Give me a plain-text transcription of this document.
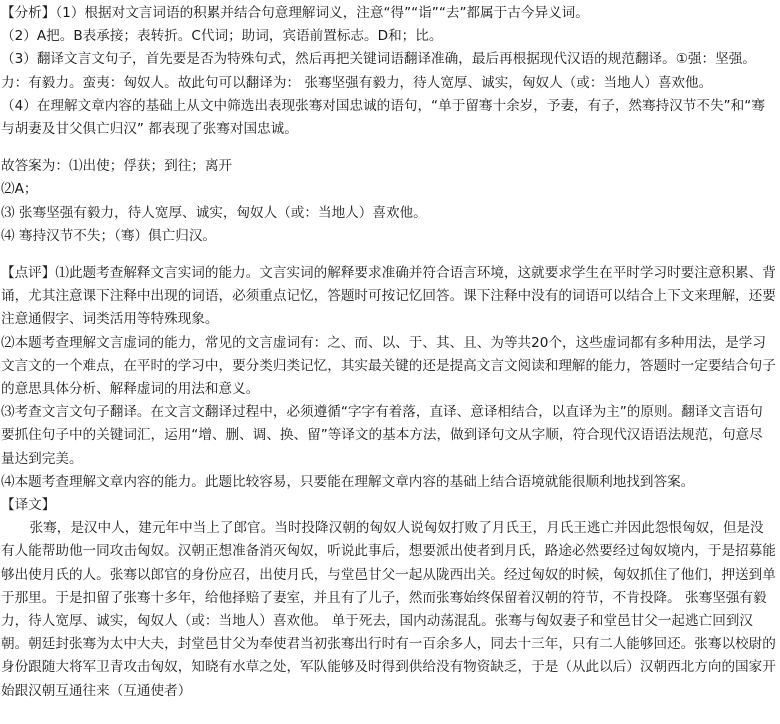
【分析】（1）根据对文言词语的积累并结合句意理解词义，注意“得”“诣”“去”都属于古今异义词。

（2）A把。B表承接；表转折。C代词；助词，宾语前置标志。D和；比。

（3）翻译文言文句子，首先要是否为特殊句式，然后再把关键词语翻译准确，最后再根据现代汉语的规范翻译。①强：坚强。力：有毅力。蛮夷：匈奴人。故此句可以翻译为： 张骞坚强有毅力，待人宽厚、诚实，匈奴人（或：当地人）喜欢他。

（4）在理解文章内容的基础上从文中筛选出表现张骞对国忠诚的语句，“单于留骞十余岁，予妻，有子，然骞持汉节不失”和“骞与胡妻及甘父俱亡归汉” 都表现了张骞对国忠诚。

故答案为：⑴出使；俘获；到往；离开

⑵A；

⑶ 张骞坚强有毅力，待人宽厚、诚实，匈奴人（或：当地人）喜欢他。

⑷ 骞持汉节不失；（骞）俱亡归汉。

【点评】⑴此题考查解释文言实词的能力。文言实词的解释要求准确并符合语言环境，这就要求学生在平时学习时要注意积累、背诵，尤其注意课下注释中出现的词语，必须重点记忆，答题时可按记忆回答。课下注释中没有的词语可以结合上下文来理解，还要注意通假字、词类活用等特殊现象。

⑵本题考查理解文言虚词的能力，常见的文言虚词有：之、而、以、于、其、且、为等共20个，这些虚词都有多种用法，是学习文言文的一个难点，在平时的学习中，要分类归类记忆，其实最关键的还是提高文言文阅读和理解的能力，答题时一定要结合句子的意思具体分析、解释虚词的用法和意义。

⑶考查文言文句子翻译。在文言文翻译过程中，必须遵循“字字有着落，直译、意译相结合，以直译为主”的原则。翻译文言语句要抓住句子中的关键词汇，运用“增、删、调、换、留”等译文的基本方法，做到译句文从字顺，符合现代汉语语法规范，句意尽量达到完美。

⑷本题考查理解文章内容的能力。此题比较容易，只要能在理解文章内容的基础上结合语境就能很顺利地找到答案。

【译文】

张骞，是汉中人，建元年中当上了郎官。当时投降汉朝的匈奴人说匈奴打败了月氏王，月氏王逃亡并因此怨恨匈奴，但是没有人能帮助他一同攻击匈奴。汉朝正想准备消灭匈奴，听说此事后，想要派出使者到月氏，路途必然要经过匈奴境内，于是招募能够出使月氏的人。张骞以郎官的身份应召，出使月氏，与堂邑甘父一起从陇西出关。经过匈奴的时候，匈奴抓住了他们，押送到单于那里。于是扣留了张骞十多年，给他择赔了妻室，并且有了儿子，然而张骞始终保留着汉朝的符节，不肯投降。 张骞坚强有毅力，待人宽厚、诚实，匈奴人（或：当地人）喜欢他。 单于死去，国内动荡混乱。张骞与匈奴妻子和堂邑甘父一起逃亡回到汉朝。朝廷封张骞为太中大夫，封堂邑甘父为奉使君当初张骞出行时有一百余多人，同去十三年，只有二人能够回还。张骞以校尉的身份跟随大将军卫青攻击匈奴，知晓有水草之处，军队能够及时得到供给没有物资缺乏，于是（从此以后）汉朝西北方向的国家开始跟汉朝互通往来（互通使者）
